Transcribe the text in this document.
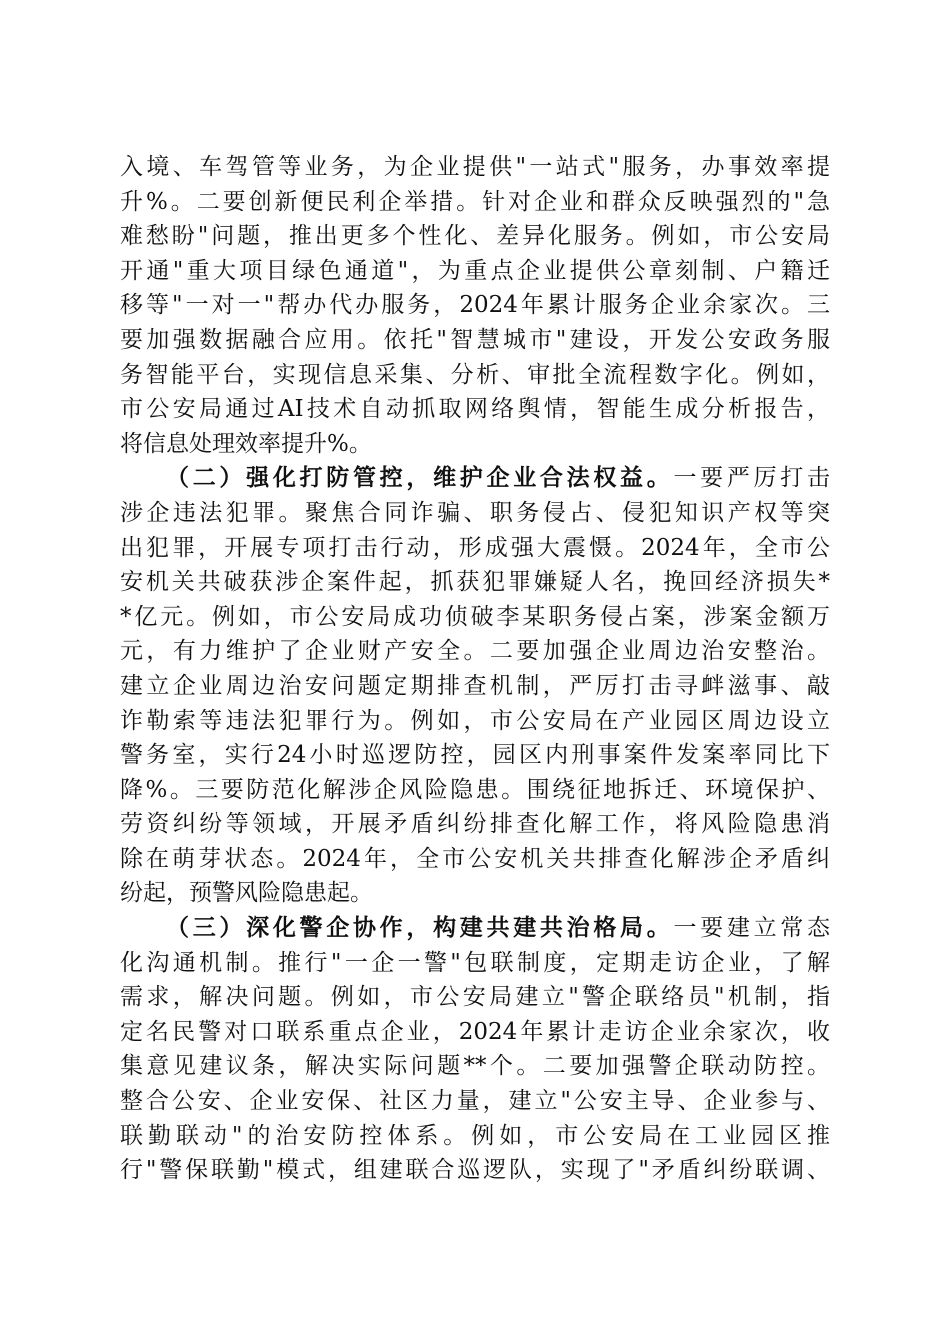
入境、车驾管等业务，为企业提供"一站式"服务，办事效率提
升%。二要创新便民利企举措。针对企业和群众反映强烈的"急
难愁盼"问题，推出更多个性化、差异化服务。例如，市公安局
开通"重大项目绿色通道"，为重点企业提供公章刻制、户籍迁
移等"一对一"帮办代办服务，2024年累计服务企业余家次。三
要加强数据融合应用。依托"智慧城市"建设，开发公安政务服
务智能平台，实现信息采集、分析、审批全流程数字化。例如，
市公安局通过AI技术自动抓取网络舆情，智能生成分析报告，
将信息处理效率提升%。
（二）强化打防管控，维护企业合法权益。一要严厉打击
涉企违法犯罪。聚焦合同诈骗、职务侵占、侵犯知识产权等突
出犯罪，开展专项打击行动，形成强大震慑。2024年，全市公
安机关共破获涉企案件起，抓获犯罪嫌疑人名，挽回经济损失*
*亿元。例如，市公安局成功侦破李某职务侵占案，涉案金额万
元，有力维护了企业财产安全。二要加强企业周边治安整治。
建立企业周边治安问题定期排查机制，严厉打击寻衅滋事、敲
诈勒索等违法犯罪行为。例如，市公安局在产业园区周边设立
警务室，实行24小时巡逻防控，园区内刑事案件发案率同比下
降%。三要防范化解涉企风险隐患。围绕征地拆迁、环境保护、
劳资纠纷等领域，开展矛盾纠纷排查化解工作，将风险隐患消
除在萌芽状态。2024年，全市公安机关共排查化解涉企矛盾纠
纷起，预警风险隐患起。
（三）深化警企协作，构建共建共治格局。一要建立常态
化沟通机制。推行"一企一警"包联制度，定期走访企业，了解
需求，解决问题。例如，市公安局建立"警企联络员"机制，指
定名民警对口联系重点企业，2024年累计走访企业余家次，收
集意见建议条，解决实际问题**个。二要加强警企联动防控。
整合公安、企业安保、社区力量，建立"公安主导、企业参与、
联勤联动"的治安防控体系。例如，市公安局在工业园区推
行"警保联勤"模式，组建联合巡逻队，实现了"矛盾纠纷联调、
